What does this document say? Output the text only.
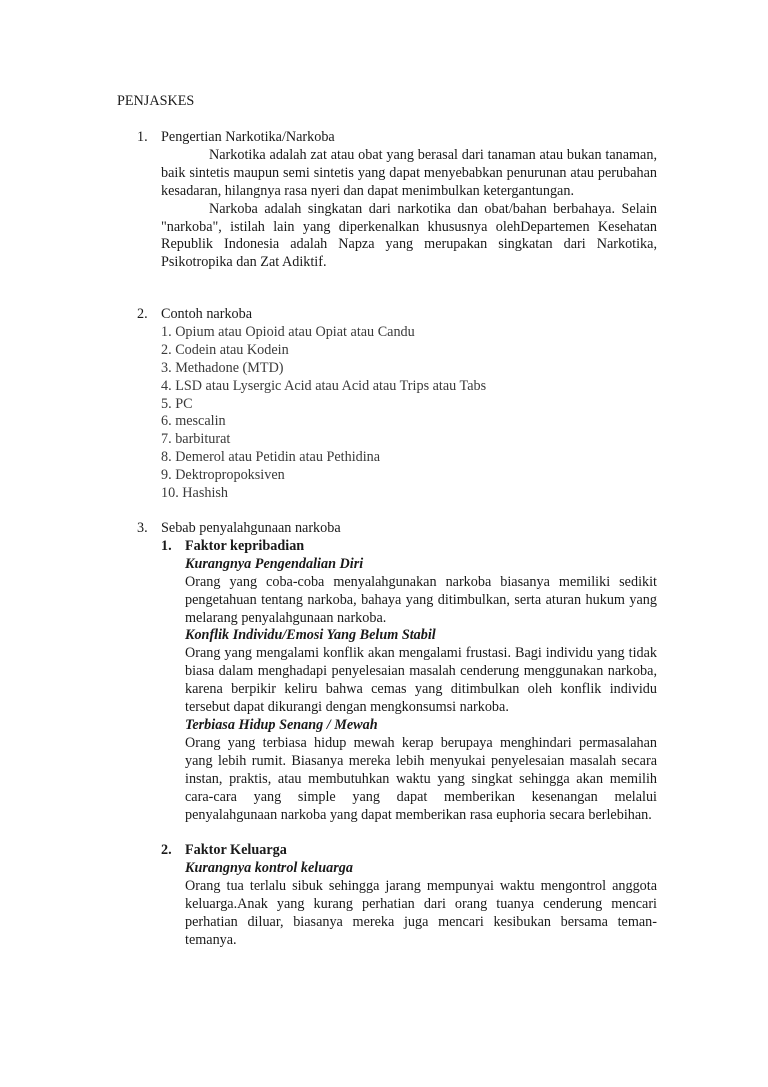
PENJASKES
1. Pengertian Narkotika/Narkoba
Narkotika adalah zat atau obat yang berasal dari tanaman atau bukan tanaman, baik sintetis maupun semi sintetis yang dapat menyebabkan penurunan atau perubahan kesadaran, hilangnya rasa nyeri dan dapat menimbulkan ketergantungan.
Narkoba adalah singkatan dari narkotika dan obat/bahan berbahaya. Selain "narkoba", istilah lain yang diperkenalkan khususnya olehDepartemen Kesehatan Republik Indonesia adalah Napza yang merupakan singkatan dari Narkotika, Psikotropika dan Zat Adiktif.
2. Contoh narkoba
1. Opium atau Opioid atau Opiat atau Candu
2. Codein atau Kodein
3. Methadone (MTD)
4. LSD atau Lysergic Acid atau Acid atau Trips atau Tabs
5. PC
6. mescalin
7. barbiturat
8. Demerol atau Petidin atau Pethidina
9. Dektropropoksiven
10. Hashish
3. Sebab penyalahgunaan narkoba
1. Faktor kepribadian
Kurangnya Pengendalian Diri
Orang yang coba-coba menyalahgunakan narkoba biasanya memiliki sedikit pengetahuan tentang narkoba, bahaya yang ditimbulkan, serta aturan hukum yang melarang penyalahgunaan narkoba.
Konflik Individu/Emosi Yang Belum Stabil
Orang yang mengalami konflik akan mengalami frustasi. Bagi individu yang tidak biasa dalam menghadapi penyelesaian masalah cenderung menggunakan narkoba, karena berpikir keliru bahwa cemas yang ditimbulkan oleh konflik individu tersebut dapat dikurangi dengan mengkonsumsi narkoba.
Terbiasa Hidup Senang / Mewah
Orang yang terbiasa hidup mewah kerap berupaya menghindari permasalahan yang lebih rumit. Biasanya mereka lebih menyukai penyelesaian masalah secara instan, praktis, atau membutuhkan waktu yang singkat sehingga akan memilih cara-cara yang simple yang dapat memberikan kesenangan melalui penyalahgunaan narkoba yang dapat memberikan rasa euphoria secara berlebihan.
2. Faktor Keluarga
Kurangnya kontrol keluarga
Orang tua terlalu sibuk sehingga jarang mempunyai waktu mengontrol anggota keluarga.Anak yang kurang perhatian dari orang tuanya cenderung mencari perhatian diluar, biasanya mereka juga mencari kesibukan bersama teman-temanya.
